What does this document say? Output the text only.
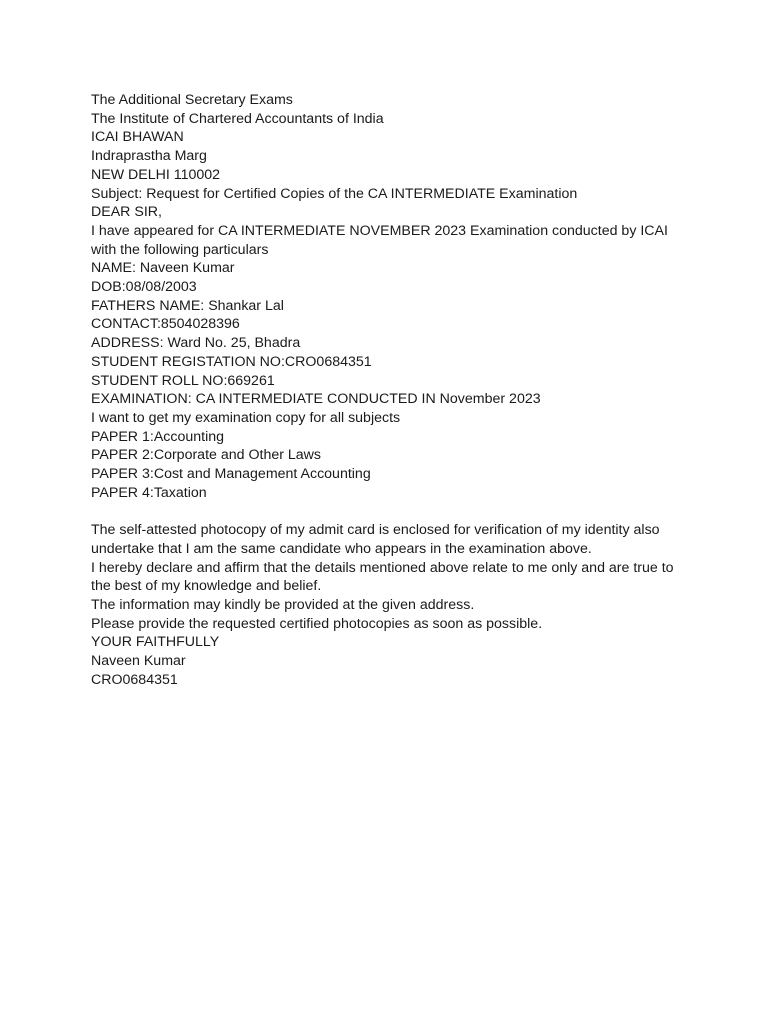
The Additional Secretary Exams
The Institute of Chartered Accountants of India
ICAI BHAWAN
Indraprastha Marg
NEW DELHI 110002
Subject: Request for Certified Copies of the CA INTERMEDIATE Examination
DEAR SIR,
I have appeared for CA INTERMEDIATE NOVEMBER 2023 Examination conducted by ICAI
with the following particulars
NAME: Naveen Kumar
DOB:08/08/2003
FATHERS NAME: Shankar Lal
CONTACT:8504028396
ADDRESS: Ward No. 25, Bhadra
STUDENT REGISTATION NO:CRO0684351
STUDENT ROLL NO:669261
EXAMINATION: CA INTERMEDIATE CONDUCTED IN November 2023
I want to get my examination copy for all subjects
PAPER 1:Accounting
PAPER 2:Corporate and Other Laws
PAPER 3:Cost and Management Accounting
PAPER 4:Taxation
The self-attested photocopy of my admit card is enclosed for verification of my identity also
undertake that I am the same candidate who appears in the examination above.
I hereby declare and affirm that the details mentioned above relate to me only and are true to
the best of my knowledge and belief.
The information may kindly be provided at the given address.
Please provide the requested certified photocopies as soon as possible.
YOUR FAITHFULLY
Naveen Kumar
CRO0684351
